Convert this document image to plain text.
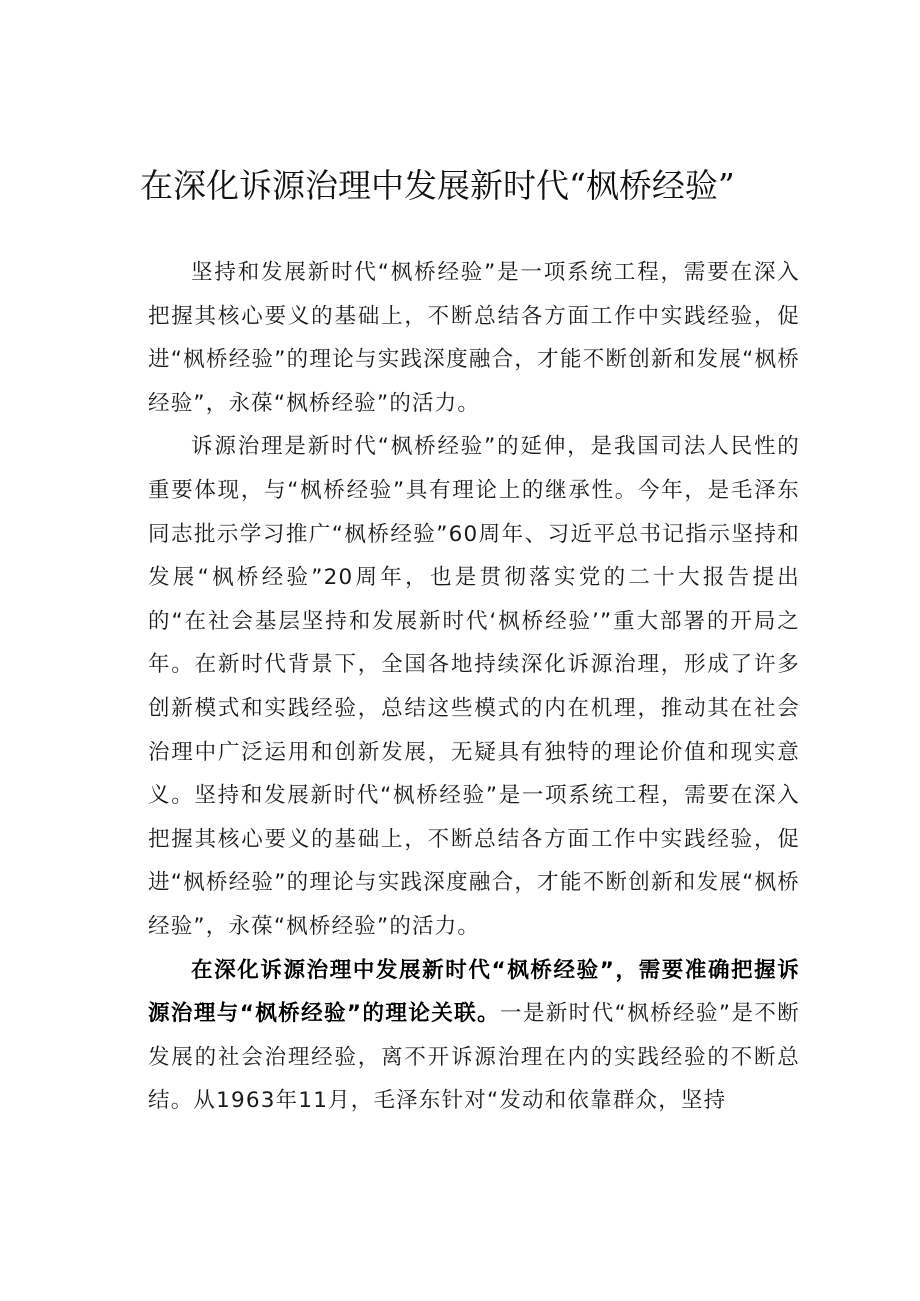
在深化诉源治理中发展新时代“枫桥经验”

坚持和发展新时代“枫桥经验”是一项系统工程，需要在深入把握其核心要义的基础上，不断总结各方面工作中实践经验，促进“枫桥经验”的理论与实践深度融合，才能不断创新和发展“枫桥经验”，永葆“枫桥经验”的活力。

诉源治理是新时代“枫桥经验”的延伸，是我国司法人民性的重要体现，与“枫桥经验”具有理论上的继承性。今年，是毛泽东同志批示学习推广“枫桥经验”60周年、习近平总书记指示坚持和发展“枫桥经验”20周年，也是贯彻落实党的二十大报告提出的“在社会基层坚持和发展新时代‘枫桥经验’”重大部署的开局之年。在新时代背景下，全国各地持续深化诉源治理，形成了许多创新模式和实践经验，总结这些模式的内在机理，推动其在社会治理中广泛运用和创新发展，无疑具有独特的理论价值和现实意义。坚持和发展新时代“枫桥经验”是一项系统工程，需要在深入把握其核心要义的基础上，不断总结各方面工作中实践经验，促进“枫桥经验”的理论与实践深度融合，才能不断创新和发展“枫桥经验”，永葆“枫桥经验”的活力。

在深化诉源治理中发展新时代“枫桥经验”，需要准确把握诉源治理与“枫桥经验”的理论关联。一是新时代“枫桥经验”是不断发展的社会治理经验，离不开诉源治理在内的实践经验的不断总结。从1963年11月，毛泽东针对“发动和依靠群众，坚持
